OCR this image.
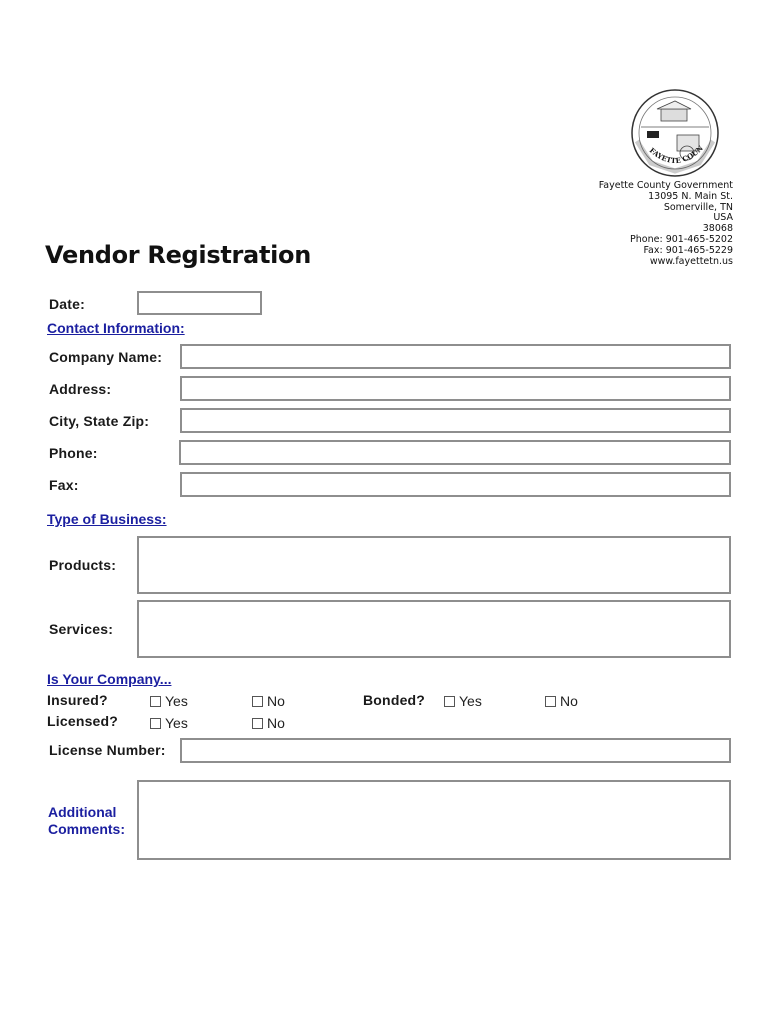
FAYETTE COUN
Fayette County Government
13095 N. Main St.
Somerville, TN
USA
38068
Phone: 901-465-5202
Fax: 901-465-5229
www.fayettetn.us
Vendor Registration
Date:
Contact Information:
Company Name:
Address:
City, State Zip:
Phone:
Fax:
Type of Business:
Products:
Services:
Is Your Company...
Insured?	Yes	No	Bonded? Yes	No
Licensed?	Yes	No
License Number:
Additional
Comments:
